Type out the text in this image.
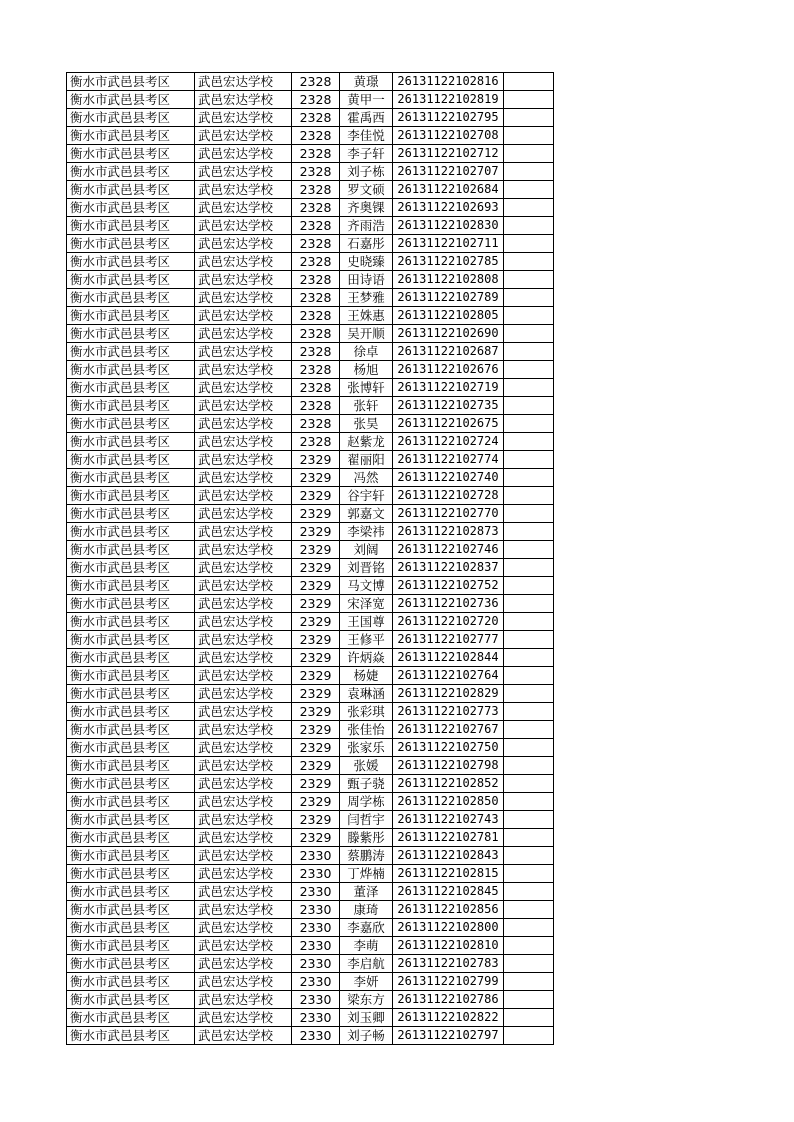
衡水市武邑县考区	武邑宏达学校	2328	黄璟	26131122102816	
衡水市武邑县考区	武邑宏达学校	2328	黄甲一	26131122102819	
衡水市武邑县考区	武邑宏达学校	2328	霍禹西	26131122102795	
衡水市武邑县考区	武邑宏达学校	2328	李佳悦	26131122102708	
衡水市武邑县考区	武邑宏达学校	2328	李子轩	26131122102712	
衡水市武邑县考区	武邑宏达学校	2328	刘子栋	26131122102707	
衡水市武邑县考区	武邑宏达学校	2328	罗文硕	26131122102684	
衡水市武邑县考区	武邑宏达学校	2328	齐奥锞	26131122102693	
衡水市武邑县考区	武邑宏达学校	2328	齐雨浩	26131122102830	
衡水市武邑县考区	武邑宏达学校	2328	石嘉彤	26131122102711	
衡水市武邑县考区	武邑宏达学校	2328	史晓臻	26131122102785	
衡水市武邑县考区	武邑宏达学校	2328	田诗语	26131122102808	
衡水市武邑县考区	武邑宏达学校	2328	王梦雅	26131122102789	
衡水市武邑县考区	武邑宏达学校	2328	王姝惠	26131122102805	
衡水市武邑县考区	武邑宏达学校	2328	吴开顺	26131122102690	
衡水市武邑县考区	武邑宏达学校	2328	徐卓	26131122102687	
衡水市武邑县考区	武邑宏达学校	2328	杨旭	26131122102676	
衡水市武邑县考区	武邑宏达学校	2328	张博轩	26131122102719	
衡水市武邑县考区	武邑宏达学校	2328	张轩	26131122102735	
衡水市武邑县考区	武邑宏达学校	2328	张昊	26131122102675	
衡水市武邑县考区	武邑宏达学校	2328	赵紫龙	26131122102724	
衡水市武邑县考区	武邑宏达学校	2329	翟丽阳	26131122102774	
衡水市武邑县考区	武邑宏达学校	2329	冯然	26131122102740	
衡水市武邑县考区	武邑宏达学校	2329	谷宇轩	26131122102728	
衡水市武邑县考区	武邑宏达学校	2329	郭嘉文	26131122102770	
衡水市武邑县考区	武邑宏达学校	2329	李梁祎	26131122102873	
衡水市武邑县考区	武邑宏达学校	2329	刘阔	26131122102746	
衡水市武邑县考区	武邑宏达学校	2329	刘晋铭	26131122102837	
衡水市武邑县考区	武邑宏达学校	2329	马文博	26131122102752	
衡水市武邑县考区	武邑宏达学校	2329	宋泽宽	26131122102736	
衡水市武邑县考区	武邑宏达学校	2329	王国尊	26131122102720	
衡水市武邑县考区	武邑宏达学校	2329	王修平	26131122102777	
衡水市武邑县考区	武邑宏达学校	2329	许炳焱	26131122102844	
衡水市武邑县考区	武邑宏达学校	2329	杨婕	26131122102764	
衡水市武邑县考区	武邑宏达学校	2329	袁琳涵	26131122102829	
衡水市武邑县考区	武邑宏达学校	2329	张彩琪	26131122102773	
衡水市武邑县考区	武邑宏达学校	2329	张佳怡	26131122102767	
衡水市武邑县考区	武邑宏达学校	2329	张家乐	26131122102750	
衡水市武邑县考区	武邑宏达学校	2329	张媛	26131122102798	
衡水市武邑县考区	武邑宏达学校	2329	甄子骁	26131122102852	
衡水市武邑县考区	武邑宏达学校	2329	周学栋	26131122102850	
衡水市武邑县考区	武邑宏达学校	2329	闫哲宇	26131122102743	
衡水市武邑县考区	武邑宏达学校	2329	滕紫彤	26131122102781	
衡水市武邑县考区	武邑宏达学校	2330	蔡鹏涛	26131122102843	
衡水市武邑县考区	武邑宏达学校	2330	丁烨楠	26131122102815	
衡水市武邑县考区	武邑宏达学校	2330	董泽	26131122102845	
衡水市武邑县考区	武邑宏达学校	2330	康琦	26131122102856	
衡水市武邑县考区	武邑宏达学校	2330	李嘉欣	26131122102800	
衡水市武邑县考区	武邑宏达学校	2330	李萌	26131122102810	
衡水市武邑县考区	武邑宏达学校	2330	李启航	26131122102783	
衡水市武邑县考区	武邑宏达学校	2330	李妍	26131122102799	
衡水市武邑县考区	武邑宏达学校	2330	梁东方	26131122102786	
衡水市武邑县考区	武邑宏达学校	2330	刘玉卿	26131122102822	
衡水市武邑县考区	武邑宏达学校	2330	刘子畅	26131122102797	
